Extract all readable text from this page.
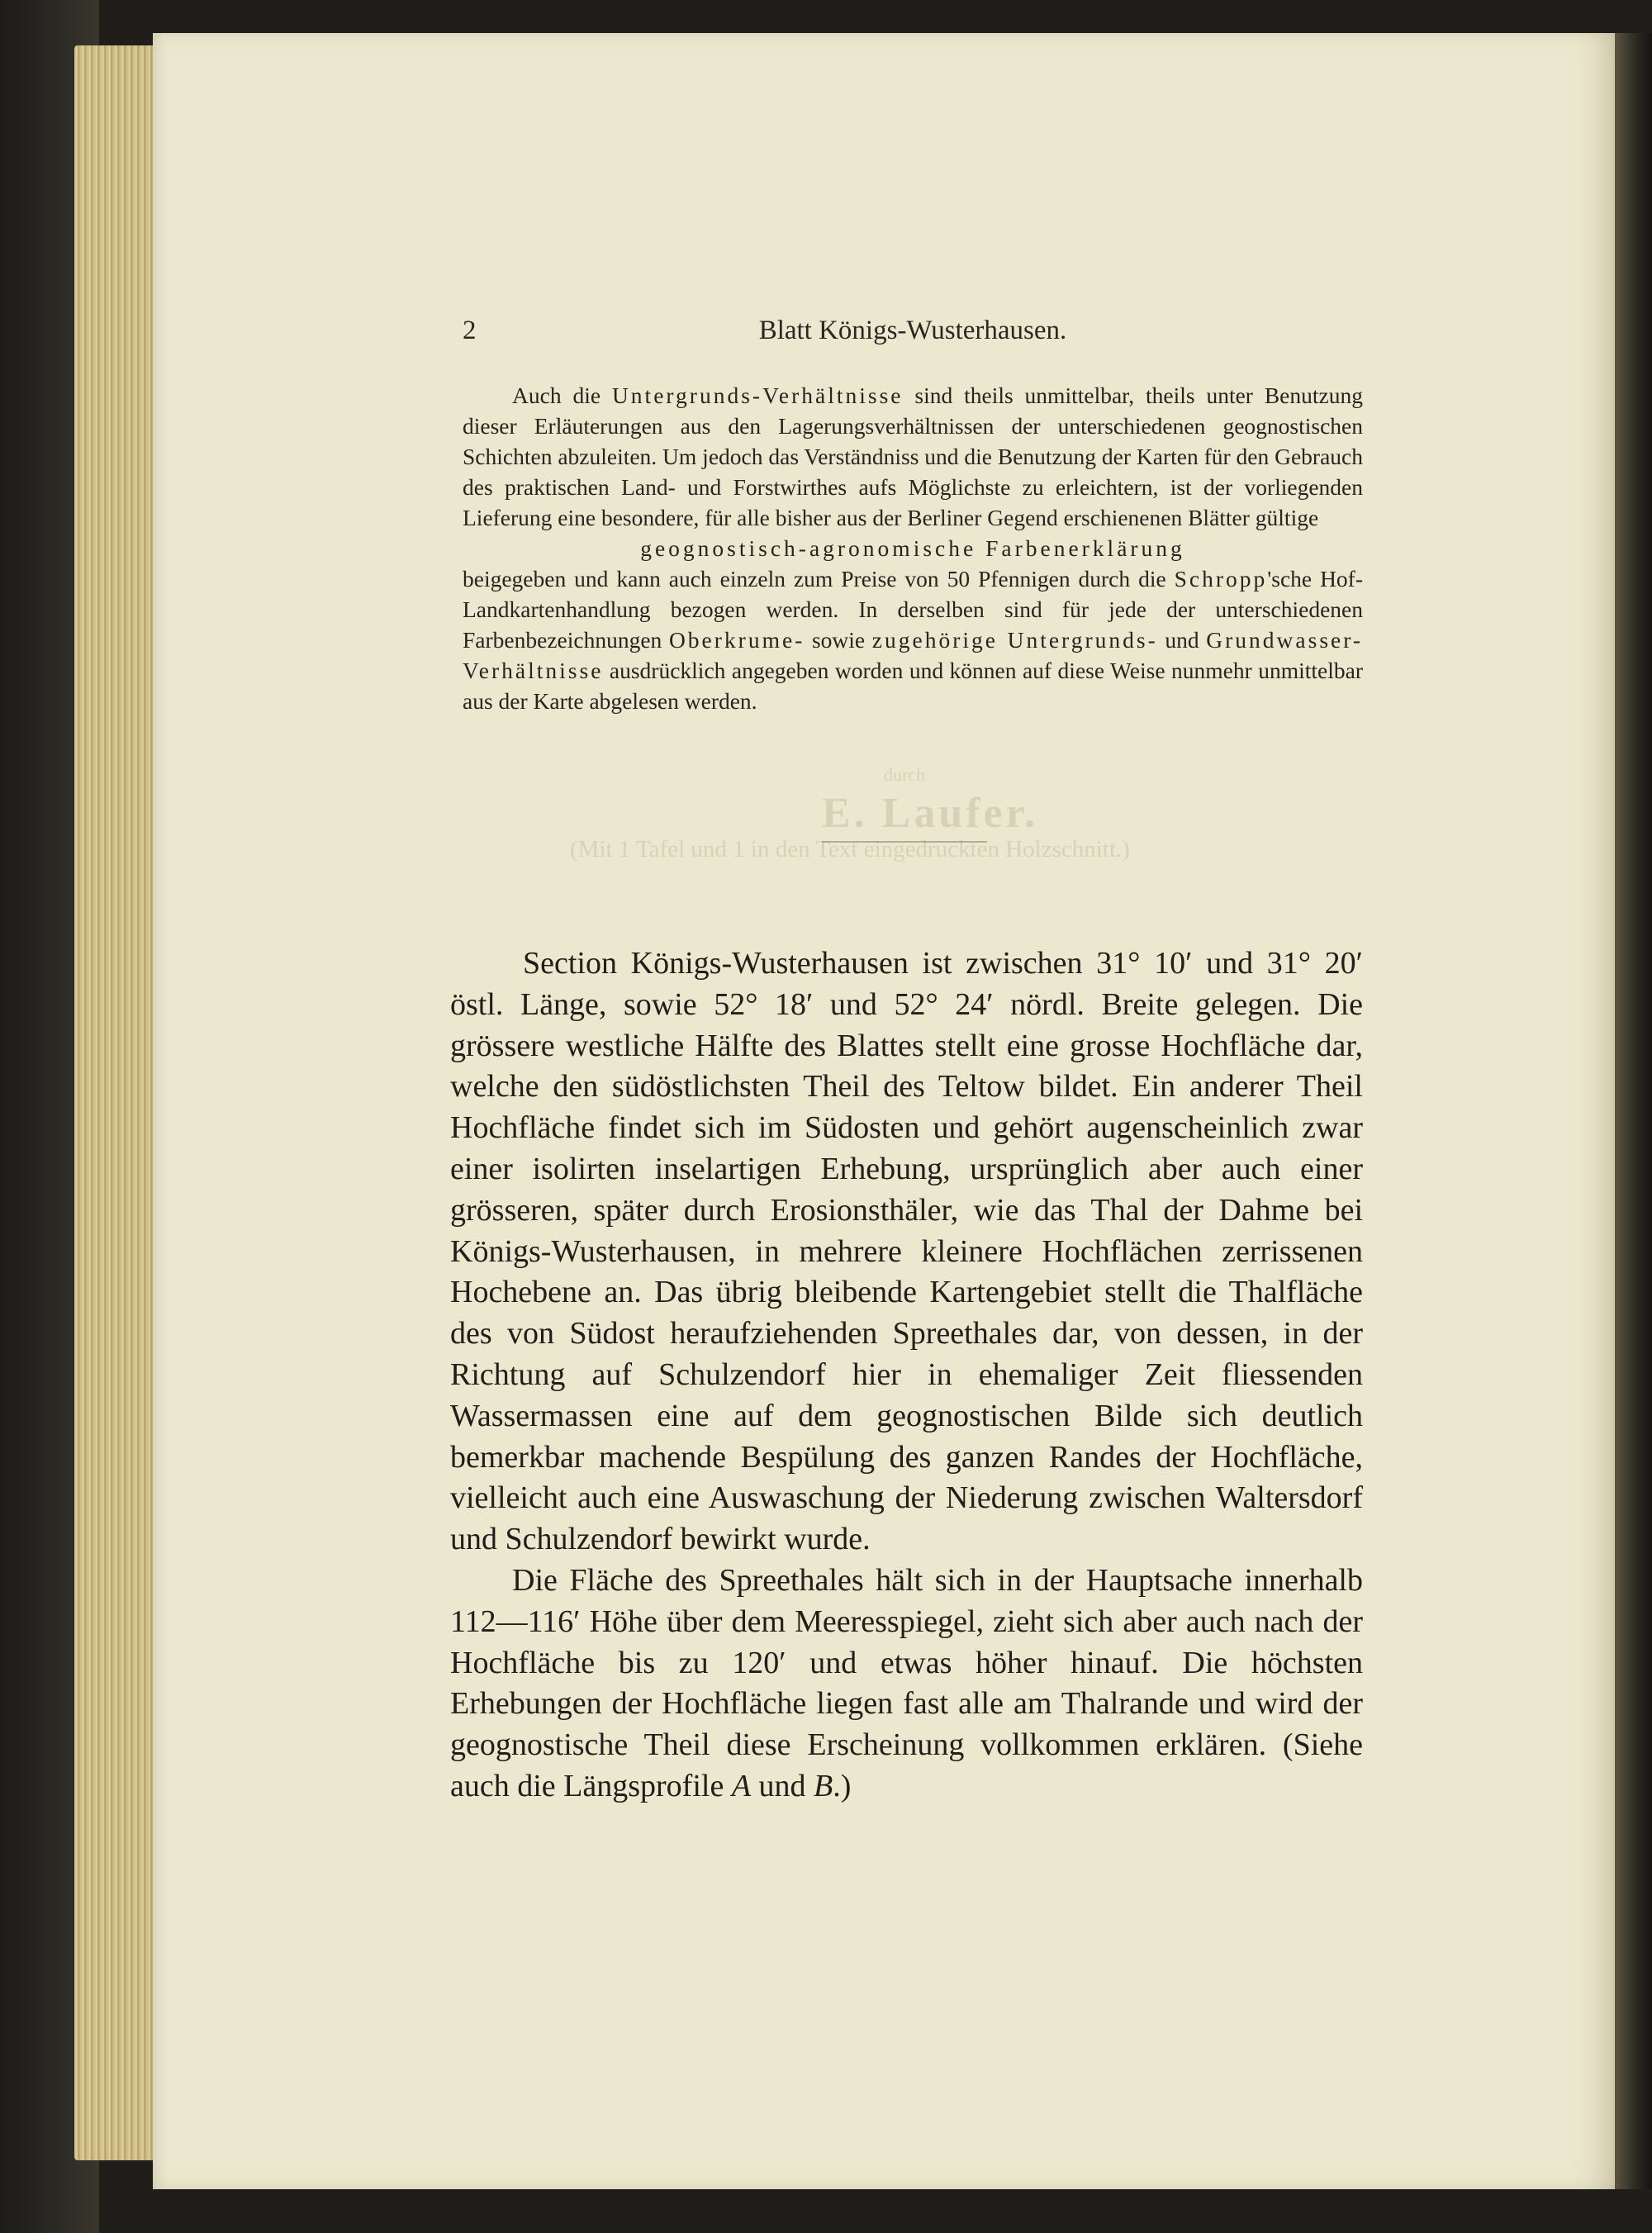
durch
E. Laufer.
(Mit 1 Tafel und 1 in den Text eingedruckten Holzschnitt.)
2	Blatt Königs-Wusterhausen.

Auch die Untergrunds-Verhältnisse sind theils unmittelbar, theils unter Benutzung dieser Erläuterungen aus den Lagerungsverhältnissen der unterschiedenen geognostischen Schichten abzuleiten. Um jedoch das Verständniss und die Benutzung der Karten für den Gebrauch des praktischen Land- und Forstwirthes aufs Möglichste zu erleichtern, ist der vorliegenden Lieferung eine besondere, für alle bisher aus der Berliner Gegend erschienenen Blätter gültige
geognostisch-agronomische Farbenerklärung
beigegeben und kann auch einzeln zum Preise von 50 Pfennigen durch die Schropp'sche Hof-Landkartenhandlung bezogen werden. In derselben sind für jede der unterschiedenen Farbenbezeichnungen Oberkrume- sowie zugehörige Untergrunds- und Grundwasser-Verhältnisse ausdrücklich angegeben worden und können auf diese Weise nunmehr unmittelbar aus der Karte abgelesen werden.

Section Königs-Wusterhausen ist zwischen 31° 10′ und 31° 20′ östl. Länge, sowie 52° 18′ und 52° 24′ nördl. Breite gelegen. Die grössere westliche Hälfte des Blattes stellt eine grosse Hochfläche dar, welche den südöstlichsten Theil des Teltow bildet. Ein anderer Theil Hochfläche findet sich im Südosten und gehört augenscheinlich zwar einer isolirten inselartigen Erhebung, ursprünglich aber auch einer grösseren, später durch Erosionsthäler, wie das Thal der Dahme bei Königs-Wusterhausen, in mehrere kleinere Hochflächen zerrissenen Hochebene an. Das übrig bleibende Kartengebiet stellt die Thalfläche des von Südost heraufziehenden Spreethales dar, von dessen, in der Richtung auf Schulzendorf hier in ehemaliger Zeit fliessenden Wassermassen eine auf dem geognostischen Bilde sich deutlich bemerkbar machende Bespülung des ganzen Randes der Hochfläche, vielleicht auch eine Auswaschung der Niederung zwischen Waltersdorf und Schulzendorf bewirkt wurde.

Die Fläche des Spreethales hält sich in der Hauptsache innerhalb 112—116′ Höhe über dem Meeresspiegel, zieht sich aber auch nach der Hochfläche bis zu 120′ und etwas höher hinauf. Die höchsten Erhebungen der Hochfläche liegen fast alle am Thalrande und wird der geognostische Theil diese Erscheinung vollkommen erklären. (Siehe auch die Längsprofile A und B.)
